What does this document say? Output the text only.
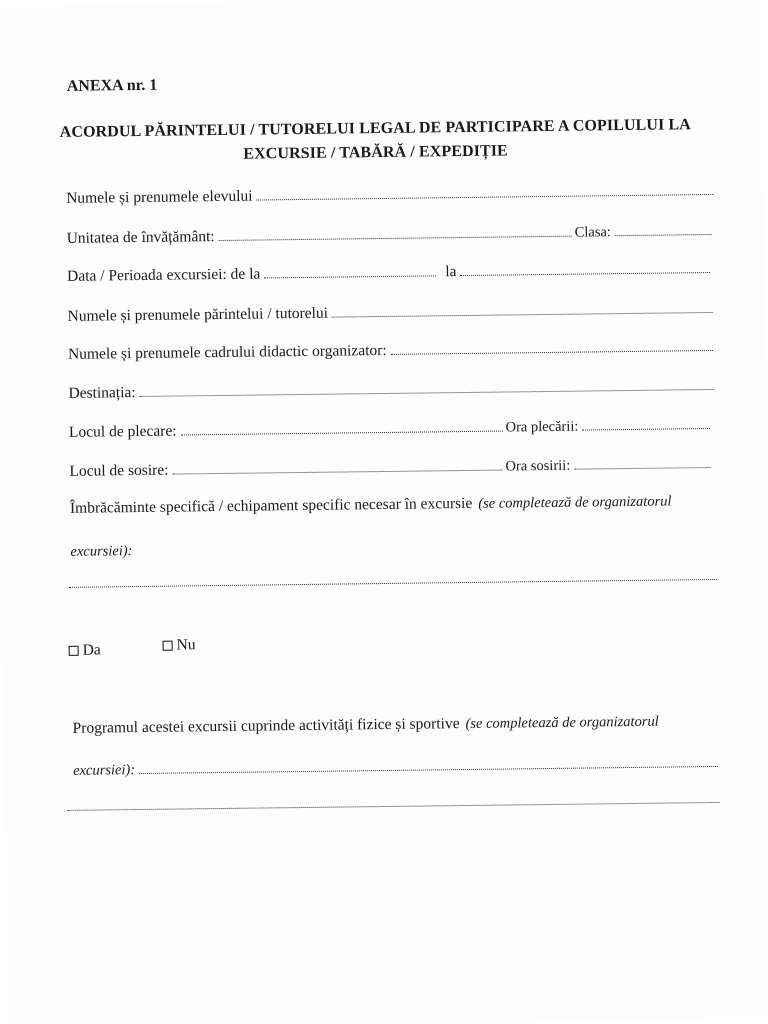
ANEXA nr. 1
ACORDUL PĂRINTELUI / TUTORELUI LEGAL DE PARTICIPARE A COPILULUI LA
EXCURSIE / TABĂRĂ / EXPEDIȚIE
Numele și prenumele elevului
Unitatea de învățământ:	Clasa:
Data / Perioada excursiei: de la	la
Numele și prenumele părintelui / tutorelui
Numele și prenumele cadrului didactic organizator:
Destinația:
Locul de plecare:	Ora plecării:
Locul de sosire:	Ora sosirii:
Îmbrăcăminte specifică / echipament specific necesar în excursie (se completează de organizatorul
excursiei):
Da	Nu
Programul acestei excursii cuprinde activități fizice și sportive (se completează de organizatorul
excursiei):
